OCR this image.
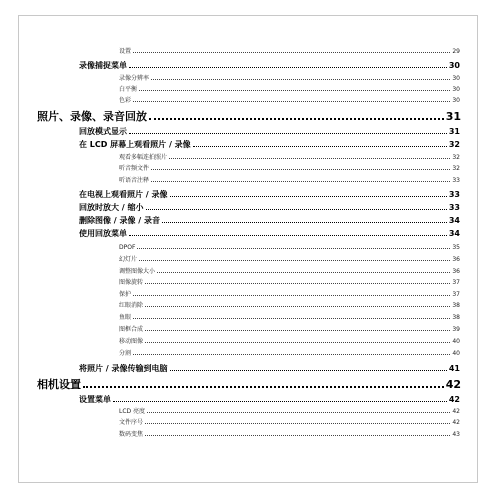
设置	29
录像捕捉菜单	30
录像分辨率	30
白平衡	30
色彩	30
照片、录像、录音回放	31
回放模式显示	31
在 LCD 屏幕上观看照片 / 录像	32
观看多幅连拍照片	32
听音频文件	32
听语音注释	33
在电视上观看照片 / 录像	33
回放时放大 / 缩小	33
删除图像 / 录像 / 录音	34
使用回放菜单	34
DPOF	35
幻灯片	36
调整图像大小	36
图像旋转	37
保护	37
红眼消除	38
鱼眼	38
图框合成	39
移动图像	40
分割	40
将照片 / 录像传输到电脑	41
相机设置	42
设置菜单	42
LCD 亮度	42
文件序号	42
数码变焦	43
